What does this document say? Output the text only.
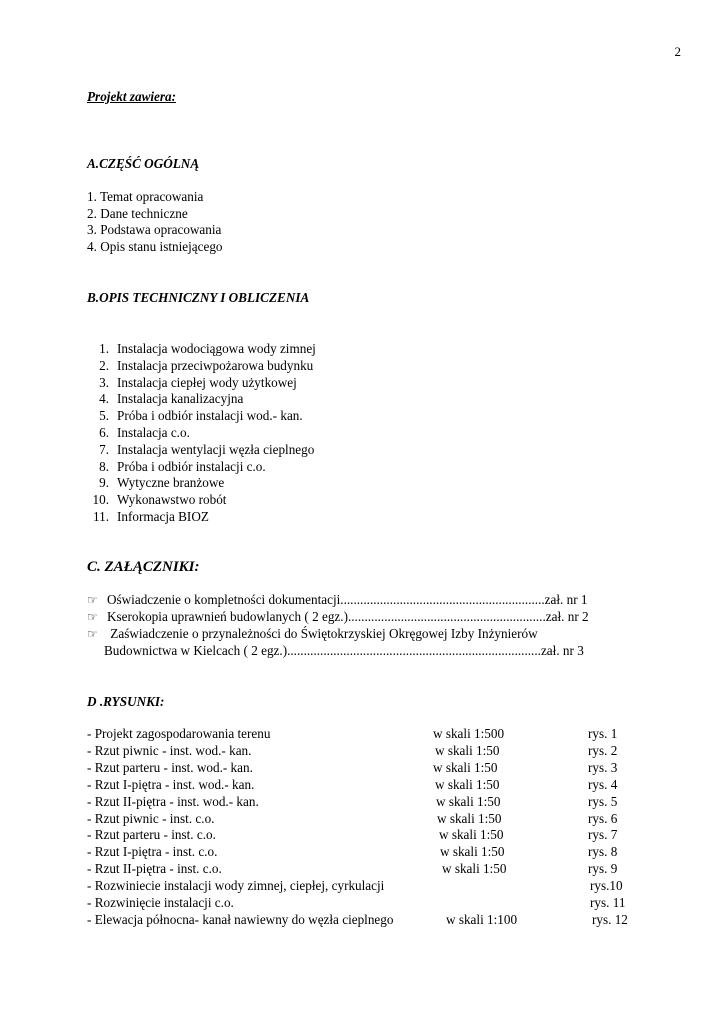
2
Projekt zawiera:
A.CZĘŚĆ OGÓLNĄ
1. Temat opracowania
2. Dane techniczne
3. Podstawa opracowania
4. Opis stanu istniejącego
B.OPIS TECHNICZNY I OBLICZENIA
1. Instalacja wodociągowa wody zimnej
2. Instalacja przeciwpożarowa budynku
3. Instalacja ciepłej wody użytkowej
4. Instalacja kanalizacyjna
5. Próba i odbiór instalacji wod.- kan.
6. Instalacja c.o.
7. Instalacja wentylacji węzła cieplnego
8. Próba i odbiór instalacji c.o.
9. Wytyczne branżowe
10. Wykonawstwo robót
11. Informacja BIOZ
C. ZAŁĄCZNIKI:
☞ Oświadczenie o kompletności dokumentacji..............................................................zał. nr 1
☞ Kserokopia uprawnień budowlanych ( 2 egz.)............................................................zał. nr 2
☞ Zaświadczenie o przynależności do Świętokrzyskiej Okręgowej Izby Inżynierów
Budownictwa w Kielcach ( 2 egz.).............................................................................zał. nr 3
D .RYSUNKI:
- Projekt zagospodarowania terenu	w skali 1:500	rys. 1
- Rzut piwnic - inst. wod.- kan.	w skali 1:50	rys. 2
- Rzut parteru - inst. wod.- kan.	w skali 1:50	rys. 3
- Rzut I-piętra - inst. wod.- kan.	w skali 1:50	rys. 4
- Rzut II-piętra - inst. wod.- kan.	w skali 1:50	rys. 5
- Rzut piwnic - inst. c.o.	w skali 1:50	rys. 6
- Rzut parteru - inst. c.o.	w skali 1:50	rys. 7
- Rzut I-piętra - inst. c.o.	w skali 1:50	rys. 8
- Rzut II-piętra - inst. c.o.	w skali 1:50	rys. 9
- Rozwiniecie instalacji wody zimnej, ciepłej, cyrkulacji	rys.10
- Rozwinięcie instalacji c.o.	rys. 11
- Elewacja północna- kanał nawiewny do węzła cieplnego	w skali 1:100	rys. 12
